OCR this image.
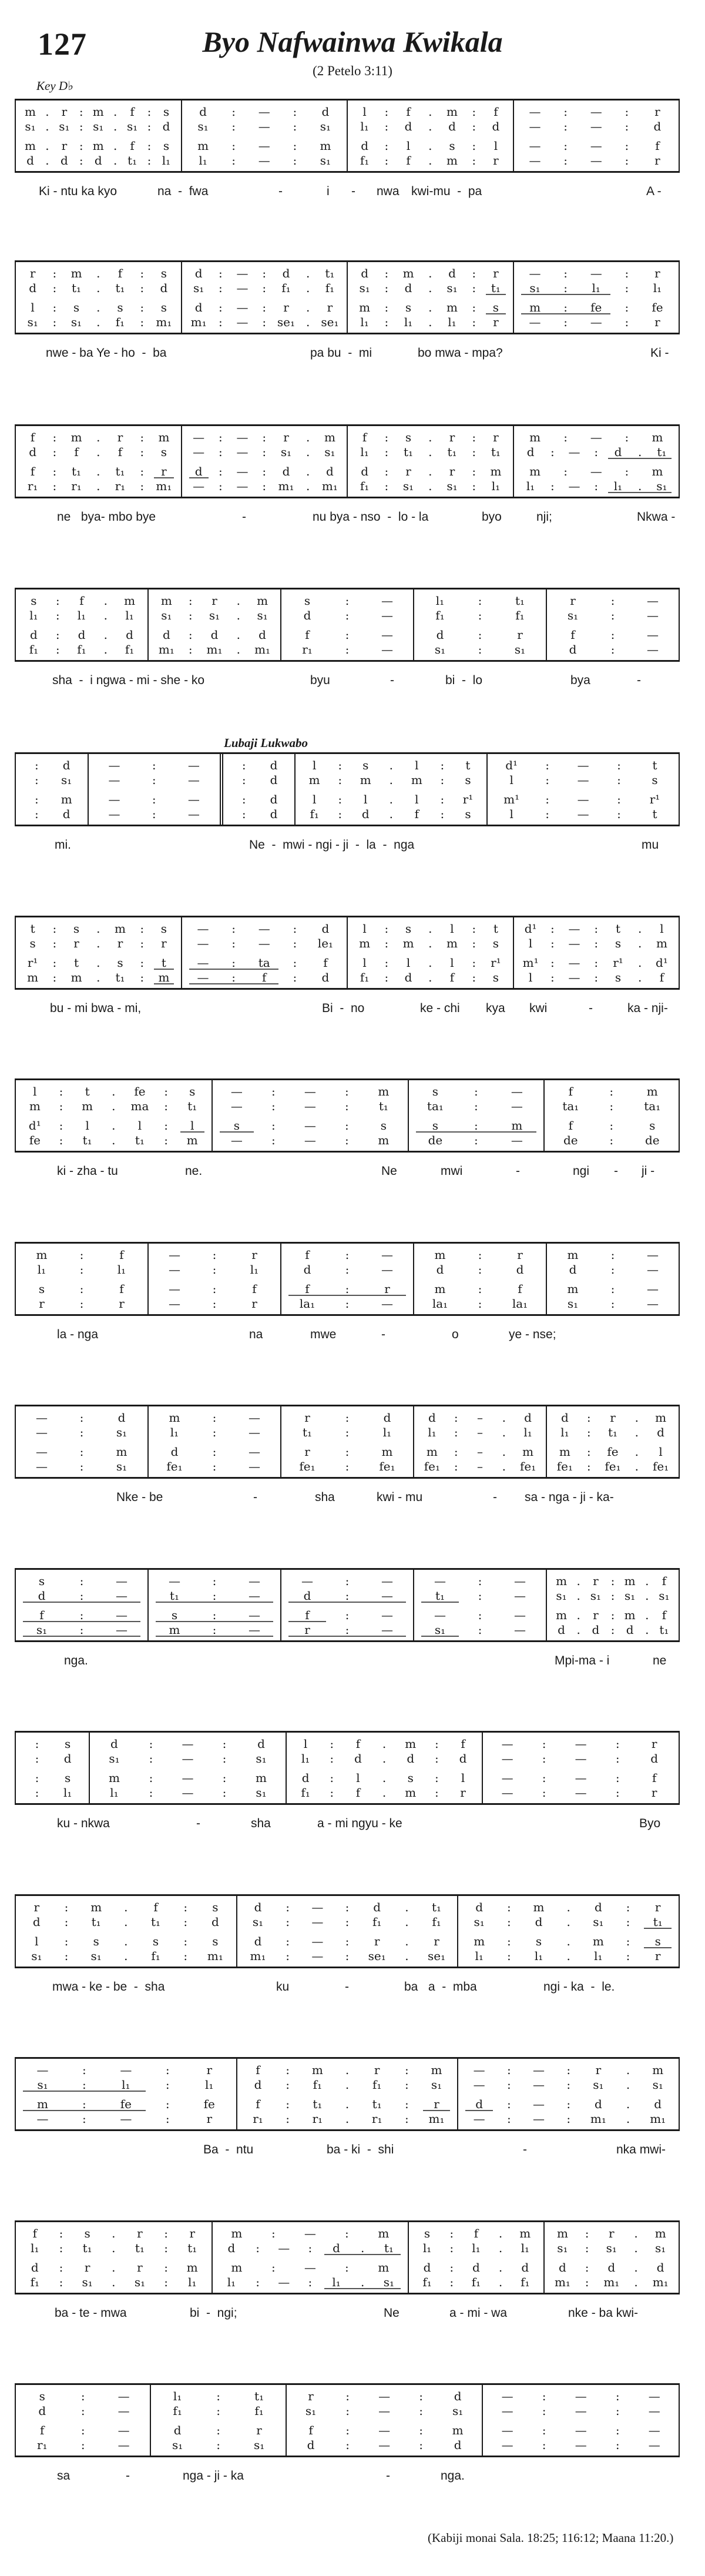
127	Byo Nafwainwa Kwikala
(2 Petelo 3:11)
Key D♭
m .	r	: m .	f	:	s
s₁ . s₁ : s₁ . s₁ : d
m .	r	: m .	f	:	s
d . d : d . t₁ : l₁
d	:	—	:	d
s₁	:	—	:	s₁
m	:	—	:	m
l₁	:	—	:	s₁
l	:	f	.	m	:	f
l₁	:	d	.	d	:	d
d	:	l	.	s	:	l
f₁	:	f	.	m	:	r
—	:	—	:	r
—	:	—	:	d
—	:	—	:	f
—	:	—	:	r
Ki - ntu ka kyo	na  -  fwa	-	i - nwa kwi-mu  -  pa	A -
r	:	m	.	f	:	s
d	:	t₁	.	t₁	:	d
l	:	s	.	s	:	s
s₁	:	s₁	.	f₁	:	m₁
d	:	—	:	d	.	t₁
s₁	:	—	:	f₁	.	f₁
d	:	—	:	r	.	r
m₁	:	—	: se₁ . se₁
d	:	m	.	d	:	r
s₁	:	d	.	s₁	:	t₁
m	:	s	.	m	:	s
l₁	:	l₁	.	l₁	:	r
—	:	—	:	r
s₁	:	l₁	:	l₁
m	:	fe	:	fe
—	:	—	:	r
nwe - ba Ye - ho  -  ba	pa bu  -  mi	bo mwa - mpa?	Ki -
f	:	m	.	r	:	m
d	:	f	.	f	:	s
f	:	t₁	.	t₁	:	r
r₁	:	r₁	.	r₁	:	m₁
—	:	—	:	r	.	m
—	:	—	:	s₁	.	s₁
d	:	—	:	d	.	d
—	:	—	:	m₁	.	m₁
f	:	s	.	r	:	r
l₁	:	t₁	.	t₁	:	t₁
d	:	r	.	r	:	m
f₁	:	s₁	.	s₁	:	l₁
m	:	—	:	m
d	:	—	:	d	.	t₁
m	:	—	:	m
l₁	:	—	:	l₁	.	s₁
ne   bya- mbo bye	-	nu bya - nso  -  lo - la	byo	nji;	Nkwa -
s	:	f	.	m
l₁	:	l₁	.	l₁
d	:	d	.	d
f₁	:	f₁	.	f₁
m	:	r	.	m
s₁	:	s₁	.	s₁
d	:	d	.	d
m₁	:	m₁	.	m₁
s	:	—
d	:	—
f	:	—
r₁	:	—
l₁	:	t₁
f₁	:	f₁
d	:	r
s₁	:	s₁
r	:	—
s₁	:	—
f	:	—
d	:	—
sha  -  i ngwa - mi - she - ko	byu	-	bi  -  lo	bya	-
Lubaji Lukwabo
:	d
:	s₁
:	m
:	d
—	:	—
—	:	—
—	:	—
—	:	—
:	d
:	d
:	d
:	d
l	:	s	.	l	:	t
m	:	m	.	m	:	s
l	:	l	.	l	:	r¹
f₁	:	d	.	f	:	s
d¹	:	—	:	t
l	:	—	:	s
m¹	:	—	:	r¹
l	:	—	:	t
mi.	Ne  -  mwi - ngi - ji  -  la  -  nga	mu
t	:	s	.	m	:	s
s	:	r	.	r	:	r
r¹	:	t	.	s	:	t
m	:	m	.	t₁	:	m
—	:	—	:	d
—	:	—	:	le₁
—	:	ta	:	f
—	:	f	:	d
l	:	s	.	l	:	t
m	:	m	.	m	:	s
l	:	l	.	l	:	r¹
f₁	:	d	.	f	:	s
d¹	:	—	:	t	.	l
l	:	—	:	s	.	m
m¹	:	—	:	r¹	.	d¹
l	:	—	:	s	.	f
bu - mi bwa - mi,	Bi  -  no	ke - chi kya kwi	-	ka - nji-
l	:	t	.	fe	:	s
m	:	m	.	ma	:	t₁
d¹	:	l	.	l	:	l
fe	:	t₁	.	t₁	:	m
—	:	—	:	m
—	:	—	:	t₁
s	:	—	:	s
—	:	—	:	m
s	:	—
ta₁	:	—
s	:	m
de	:	—
f	:	m
ta₁	:	ta₁
f	:	s
de	:	de
ki - zha - tu	ne.	Ne	mwi	-	ngi - ji -
m	:	f
l₁	:	l₁
s	:	f
r	:	r
—	:	r
—	:	l₁
—	:	f
—	:	r
f	:	—
d	:	—
f	:	r
la₁	:	—
m	:	r
d	:	d
m	:	f
la₁	:	la₁
m	:	—
d	:	—
m	:	—
s₁	:	—
la - nga	na	mwe	-	o	ye - nse;
—	:	d
—	:	s₁
—	:	m
—	:	s₁
m	:	—
l₁	:	—
d	:	—
fe₁	:	—
r	:	d
t₁	:	l₁
r	:	m
fe₁	:	fe₁
d	:	–	.	d
l₁	:	–	.	l₁
m	:	–	.	m
fe₁	:	–	.	fe₁
d	:	r	.	m
l₁	:	t₁	.	d
m	:	fe	.	l
fe₁	:	fe₁	.	fe₁
Nke - be	-	sha	kwi - mu	- sa - nga - ji - ka-
s	:	—
d	:	—
f	:	—
s₁	:	—
—	:	—
t₁	:	—
s	:	—
m	:	—
—	:	—
d	:	—
f	:	—
r	:	—
—	:	—
t₁	:	—
—	:	—
s₁	:	—
m .	r	: m .	f
s₁ . s₁ : s₁ . s₁
m .	r	: m .	f
d . d : d . t₁
nga.	Mpi-ma - i	ne
:	s
:	d
:	s
:	l₁
d	:	—	:	d
s₁	:	—	:	s₁
m	:	—	:	m
l₁	:	—	:	s₁
l	:	f	.	m	:	f
l₁	:	d	.	d	:	d
d	:	l	.	s	:	l
f₁	:	f	.	m	:	r
—	:	—	:	r
—	:	—	:	d
—	:	—	:	f
—	:	—	:	r
ku - nkwa	-	sha	a - mi ngyu - ke	Byo
r	:	m	.	f	:	s
d	:	t₁	.	t₁	:	d
l	:	s	.	s	:	s
s₁	:	s₁	.	f₁	:	m₁
d	:	—	:	d	.	t₁
s₁	:	—	:	f₁	.	f₁
d	:	—	:	r	.	r
m₁	:	—	:	se₁	.	se₁
d	:	m	.	d	:	r
s₁	:	d	.	s₁	:	t₁
m	:	s	.	m	:	s
l₁	:	l₁	.	l₁	:	r
mwa - ke - be  -  sha	ku	-	ba   a  -  mba	ngi - ka  -  le.
—	:	—	:	r
s₁	:	l₁	:	l₁
m	:	fe	:	fe
—	:	—	:	r
f	:	m	.	r	:	m
d	:	f₁	.	f₁	:	s₁
f	:	t₁	.	t₁	:	r
r₁	:	r₁	.	r₁	:	m₁
—	:	—	:	r	.	m
—	:	—	:	s₁	.	s₁
d	:	—	:	d	.	d
—	:	—	:	m₁	.	m₁
Ba  -  ntu	ba - ki  -  shi	-	nka mwi-
f	:	s	.	r	:	r
l₁	:	t₁	.	t₁	:	t₁
d	:	r	.	r	:	m
f₁	:	s₁	.	s₁	:	l₁
m	:	—	:	m
d	:	—	:	d	.	t₁
m	:	—	:	m
l₁	:	—	:	l₁	.	s₁
s	:	f	.	m
l₁	:	l₁	.	l₁
d	:	d	.	d
f₁	:	f₁	.	f₁
m	:	r	.	m
s₁	:	s₁	.	s₁
d	:	d	.	d
m₁	:	m₁	.	m₁
ba - te - mwa	bi  -  ngi;	Ne	a - mi - wa	nke - ba kwi-
s	:	—
d	:	—
f	:	—
r₁	:	—
l₁	:	t₁
f₁	:	f₁
d	:	r
s₁	:	s₁
r	:	—	:	d
s₁	:	—	:	s₁
f	:	—	:	m
d	:	—	:	d
—	:	—	:	—
—	:	—	:	—
—	:	—	:	—
—	:	—	:	—
sa	-	nga - ji - ka	-	nga.
(Kabiji monai Sala. 18:25; 116:12; Maana 11:20.)
